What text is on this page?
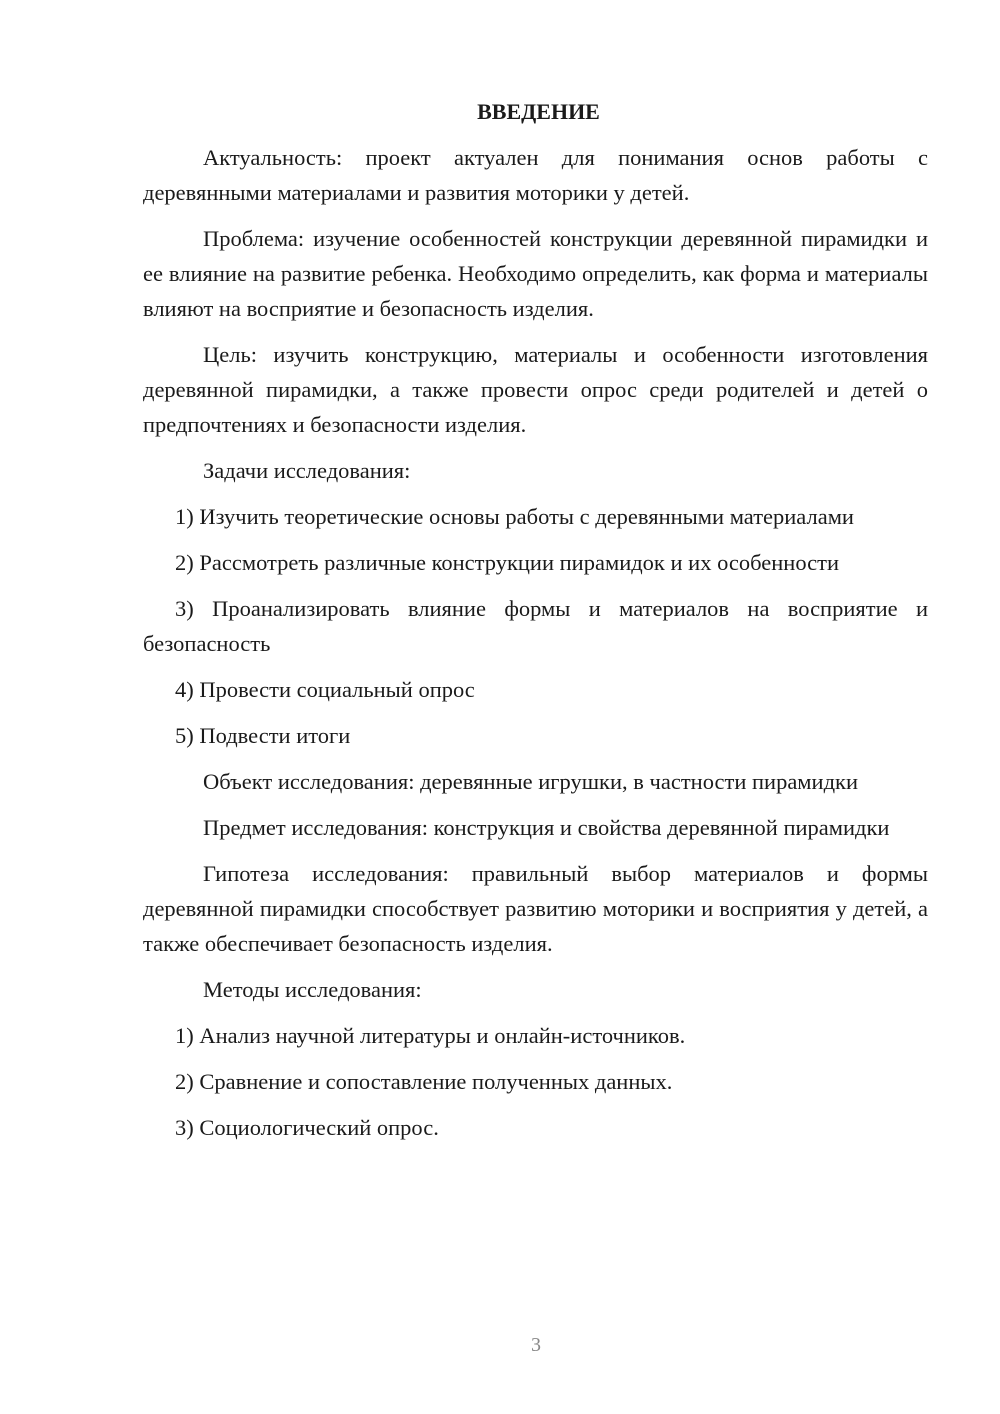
ВВЕДЕНИЕ
Актуальность: проект актуален для понимания основ работы с деревянными материалами и развития моторики у детей.
Проблема: изучение особенностей конструкции деревянной пирамидки и ее влияние на развитие ребенка. Необходимо определить, как форма и материалы влияют на восприятие и безопасность изделия.
Цель: изучить конструкцию, материалы и особенности изготовления деревянной пирамидки, а также провести опрос среди родителей и детей о предпочтениях и безопасности изделия.
Задачи исследования:
1) Изучить теоретические основы работы с деревянными материалами
2) Рассмотреть различные конструкции пирамидок и их особенности
3) Проанализировать влияние формы и материалов на восприятие и безопасность
4) Провести социальный опрос
5) Подвести итоги
Объект исследования: деревянные игрушки, в частности пирамидки
Предмет исследования: конструкция и свойства деревянной пирамидки
Гипотеза исследования: правильный выбор материалов и формы деревянной пирамидки способствует развитию моторики и восприятия у детей, а также обеспечивает безопасность изделия.
Методы исследования:
1) Анализ научной литературы и онлайн-источников.
2) Сравнение и сопоставление полученных данных.
3) Социологический опрос.
3
